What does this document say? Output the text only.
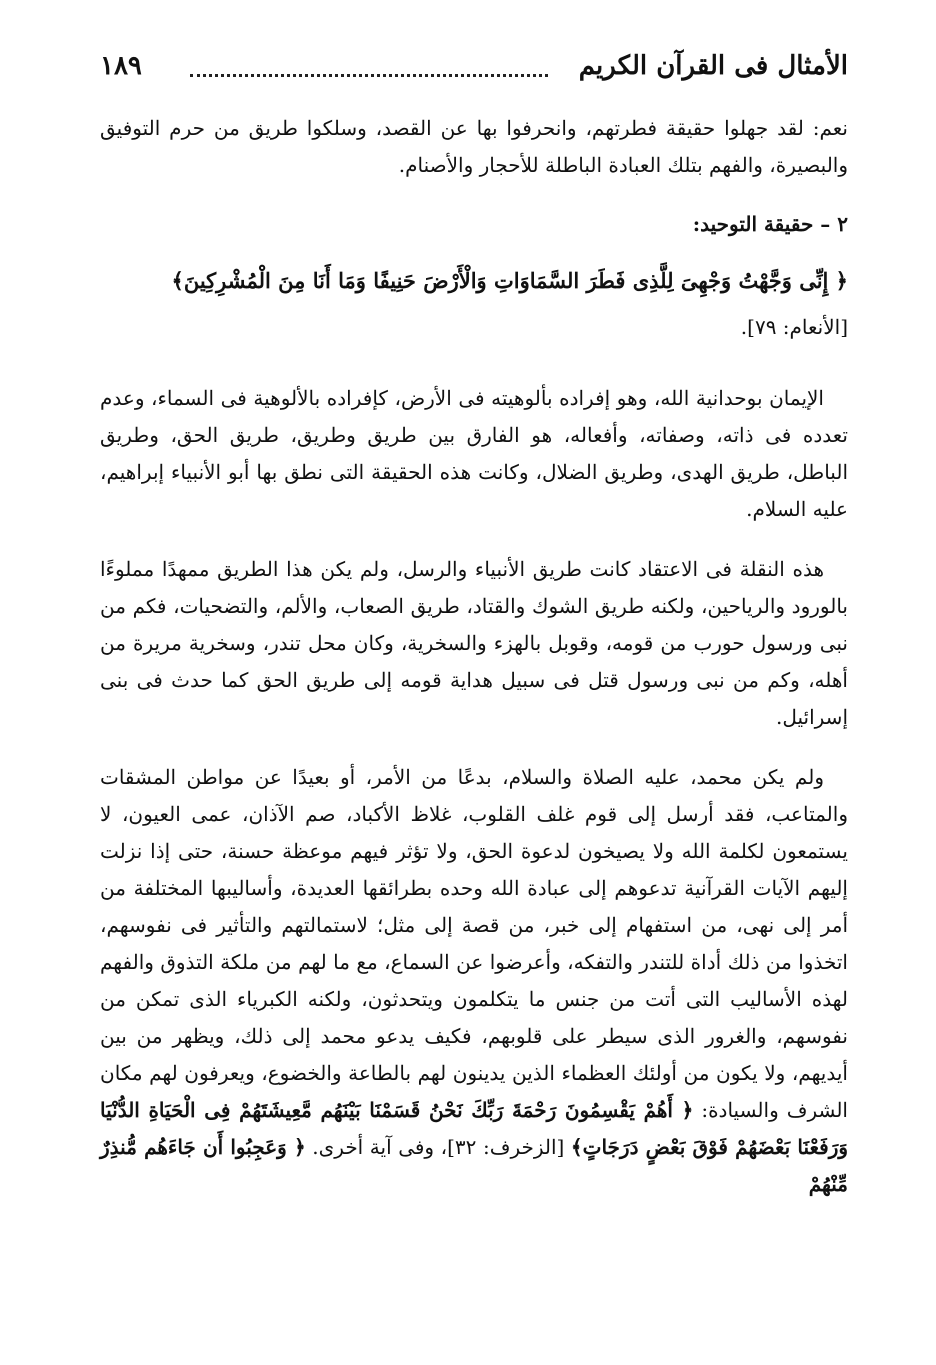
الأمثال فى القرآن الكريم
١٨٩

نعم: لقد جهلوا حقيقة فطرتهم، وانحرفوا بها عن القصد، وسلكوا طريق من حرم التوفيق والبصيرة، والفهم بتلك العبادة الباطلة للأحجار والأصنام.

٢ – حقيقة التوحيد:

﴿ إِنِّى وَجَّهْتُ وَجْهِىَ لِلَّذِى فَطَرَ السَّمَاوَاتِ وَالْأَرْضَ حَنِيفًا وَمَا أَنَا مِنَ الْمُشْرِكِينَ﴾
[الأنعام: ٧٩].

الإيمان بوحدانية الله، وهو إفراده بألوهيته فى الأرض، كإفراده بالألوهية فى السماء، وعدم تعدده فى ذاته، وصفاته، وأفعاله، هو الفارق بين طريق وطريق، طريق الحق، وطريق الباطل، طريق الهدى، وطريق الضلال، وكانت هذه الحقيقة التى نطق بها أبو الأنبياء إبراهيم، عليه السلام.

هذه النقلة فى الاعتقاد كانت طريق الأنبياء والرسل، ولم يكن هذا الطريق ممهدًا مملوءًا بالورود والرياحين، ولكنه طريق الشوك والقتاد، طريق الصعاب، والألم، والتضحيات، فكم من نبى ورسول حورب من قومه، وقوبل بالهزء والسخرية، وكان محل تندر، وسخرية مريرة من أهله، وكم من نبى ورسول قتل فى سبيل هداية قومه إلى طريق الحق كما حدث فى بنى إسرائيل.

ولم يكن محمد، عليه الصلاة والسلام، بدعًا من الأمر، أو بعيدًا عن مواطن المشقات والمتاعب، فقد أرسل إلى قوم غلف القلوب، غلاظ الأكباد، صم الآذان، عمى العيون، لا يستمعون لكلمة الله ولا يصيخون لدعوة الحق، ولا تؤثر فيهم موعظة حسنة، حتى إذا نزلت إليهم الآيات القرآنية تدعوهم إلى عبادة الله وحده بطرائقها العديدة، وأساليبها المختلفة من أمر إلى نهى، من استفهام إلى خبر، من قصة إلى مثل؛ لاستمالتهم والتأثير فى نفوسهم، اتخذوا من ذلك أداة للتندر والتفكه، وأعرضوا عن السماع، مع ما لهم من ملكة التذوق والفهم لهذه الأساليب التى أتت من جنس ما يتكلمون ويتحدثون، ولكنه الكبرياء الذى تمكن من نفوسهم، والغرور الذى سيطر على قلوبهم، فكيف يدعو محمد إلى ذلك، ويظهر من بين أيديهم، ولا يكون من أولئك العظماء الذين يدينون لهم بالطاعة والخضوع، ويعرفون لهم مكان الشرف والسيادة: ﴿ أَهُمْ يَقْسِمُونَ رَحْمَةَ رَبِّكَ نَحْنُ قَسَمْنَا بَيْنَهُم مَّعِيشَتَهُمْ فِى الْحَيَاةِ الدُّنْيَا وَرَفَعْنَا بَعْضَهُمْ فَوْقَ بَعْضٍ دَرَجَاتٍ﴾ [الزخرف: ٣٢]، وفى آية أخرى. ﴿ وَعَجِبُوا أَن جَاءَهُم مُّنذِرٌ مِّنْهُمْ
